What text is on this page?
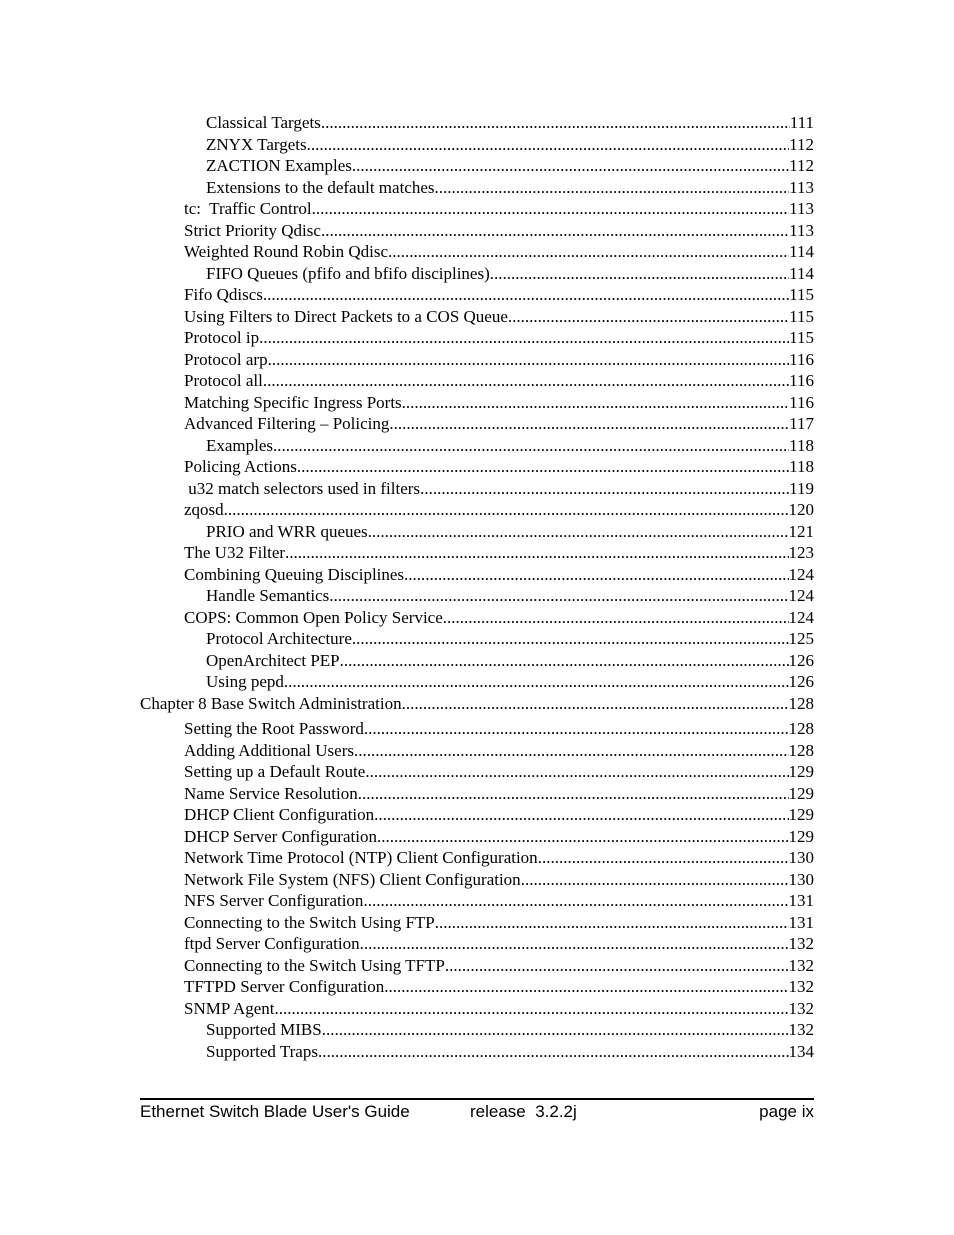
Classical Targets .....	111
ZNYX Targets .....	112
ZACTION Examples .....	112
Extensions to the default matches .....	113
tc:  Traffic Control .....	113
Strict Priority Qdisc .....	113
Weighted Round Robin Qdisc .....	114
FIFO Queues (pfifo and bfifo disciplines) .....	114
Fifo Qdiscs .....	115
Using Filters to Direct Packets to a COS Queue .....	115
Protocol ip .....	115
Protocol arp .....	116
Protocol all .....	116
Matching Specific Ingress Ports .....	116
Advanced Filtering – Policing .....	117
Examples .....	118
Policing Actions .....	118
u32 match selectors used in filters .....	119
zqosd .....	120
PRIO and WRR queues .....	121
The U32 Filter .....	123
Combining Queuing Disciplines .....	124
Handle Semantics .....	124
COPS: Common Open Policy Service .....	124
Protocol Architecture .....	125
OpenArchitect PEP .....	126
Using pepd .....	126
Chapter 8 Base Switch Administration .....	128
Setting the Root Password .....	128
Adding Additional Users .....	128
Setting up a Default Route .....	129
Name Service Resolution .....	129
DHCP Client Configuration .....	129
DHCP Server Configuration .....	129
Network Time Protocol (NTP) Client Configuration .....	130
Network File System (NFS) Client Configuration .....	130
NFS Server Configuration .....	131
Connecting to the Switch Using FTP .....	131
ftpd Server Configuration .....	132
Connecting to the Switch Using TFTP .....	132
TFTPD Server Configuration .....	132
SNMP Agent .....	132
Supported MIBS .....	132
Supported Traps .....	134
Ethernet Switch Blade User's Guide	release  3.2.2j	page ix
